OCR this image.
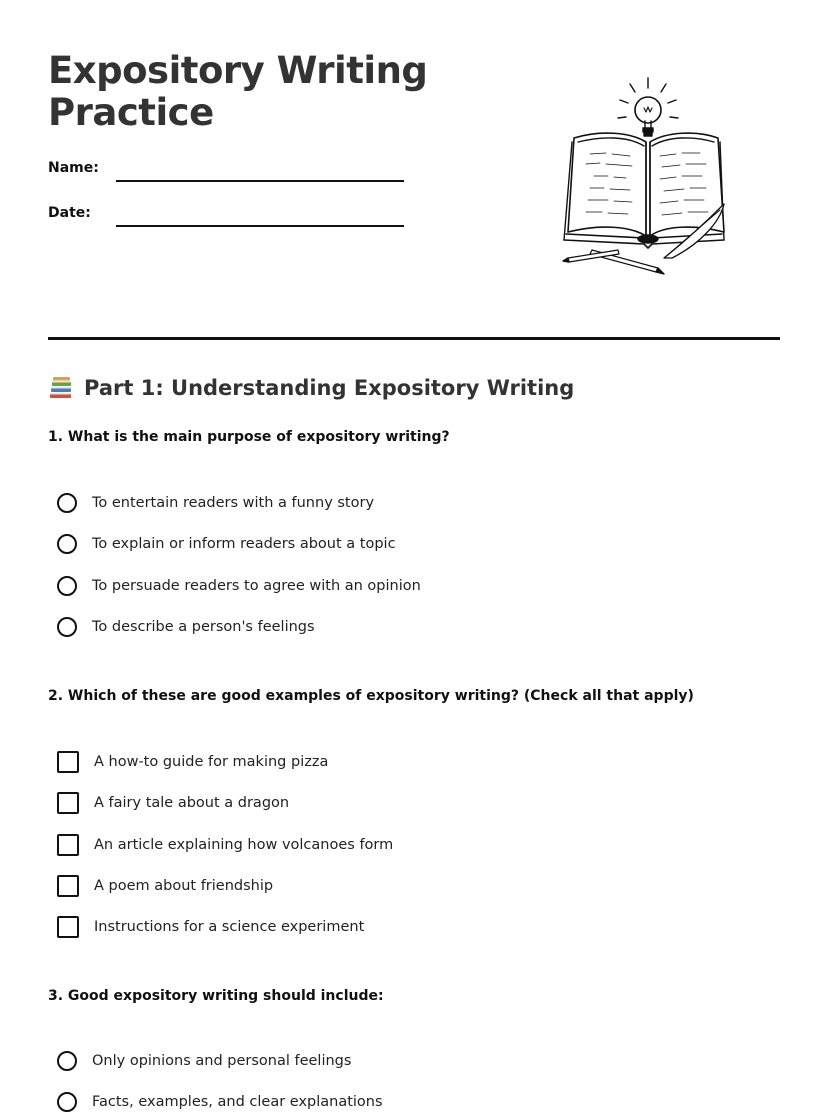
Expository Writing
Practice
Name:
Date:
Part 1: Understanding Expository Writing
1. What is the main purpose of expository writing?
To entertain readers with a funny story
To explain or inform readers about a topic
To persuade readers to agree with an opinion
To describe a person's feelings
2. Which of these are good examples of expository writing? (Check all that apply)
A how-to guide for making pizza
A fairy tale about a dragon
An article explaining how volcanoes form
A poem about friendship
Instructions for a science experiment
3. Good expository writing should include:
Only opinions and personal feelings
Facts, examples, and clear explanations
